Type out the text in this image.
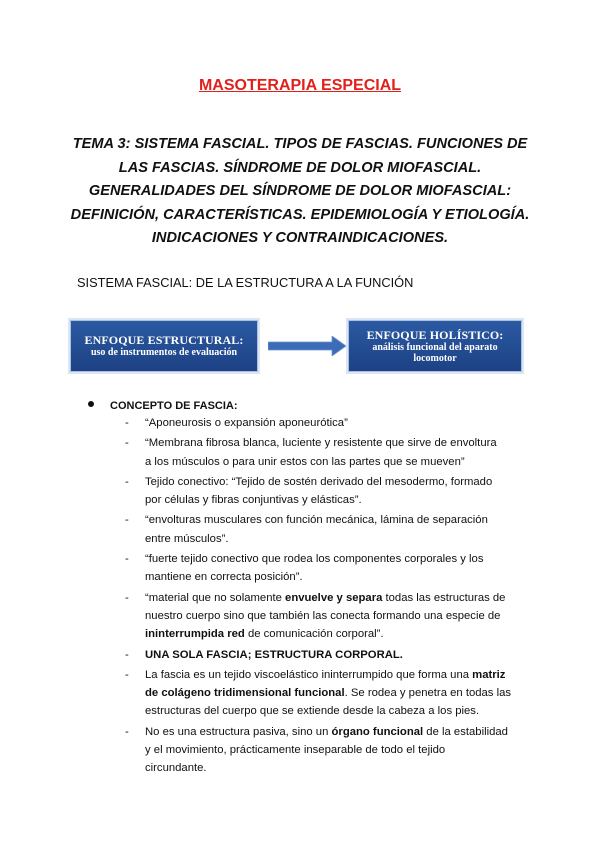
MASOTERAPIA ESPECIAL
TEMA 3: SISTEMA FASCIAL. TIPOS DE FASCIAS. FUNCIONES DE
LAS FASCIAS. SÍNDROME DE DOLOR MIOFASCIAL.
GENERALIDADES DEL SÍNDROME DE DOLOR MIOFASCIAL:
DEFINICIÓN, CARACTERÍSTICAS. EPIDEMIOLOGÍA Y ETIOLOGÍA.
INDICACIONES Y CONTRAINDICACIONES.
SISTEMA FASCIAL: DE LA ESTRUCTURA A LA FUNCIÓN
ENFOQUE ESTRUCTURAL:
uso de instrumentos de evaluación
ENFOQUE HOLÍSTICO:
análisis funcional del aparato
locomotor
CONCEPTO DE FASCIA:
- “Aponeurosis o expansión aponeurótica”
- “Membrana fibrosa blanca, luciente y resistente que sirve de envoltura
a los músculos o para unir estos con las partes que se mueven”
- Tejido conectivo: “Tejido de sostén derivado del mesodermo, formado
por células y fibras conjuntivas y elásticas”.
- “envolturas musculares con función mecánica, lámina de separación
entre músculos”.
- “fuerte tejido conectivo que rodea los componentes corporales y los
mantiene en correcta posición”.
- “material que no solamente envuelve y separa todas las estructuras de
nuestro cuerpo sino que también las conecta formando una especie de
ininterrumpida red de comunicación corporal”.
- UNA SOLA FASCIA; ESTRUCTURA CORPORAL.
- La fascia es un tejido viscoelástico ininterrumpido que forma una matriz
de colágeno tridimensional funcional. Se rodea y penetra en todas las
estructuras del cuerpo que se extiende desde la cabeza a los pies.
- No es una estructura pasiva, sino un órgano funcional de la estabilidad
y el movimiento, prácticamente inseparable de todo el tejido
circundante.
